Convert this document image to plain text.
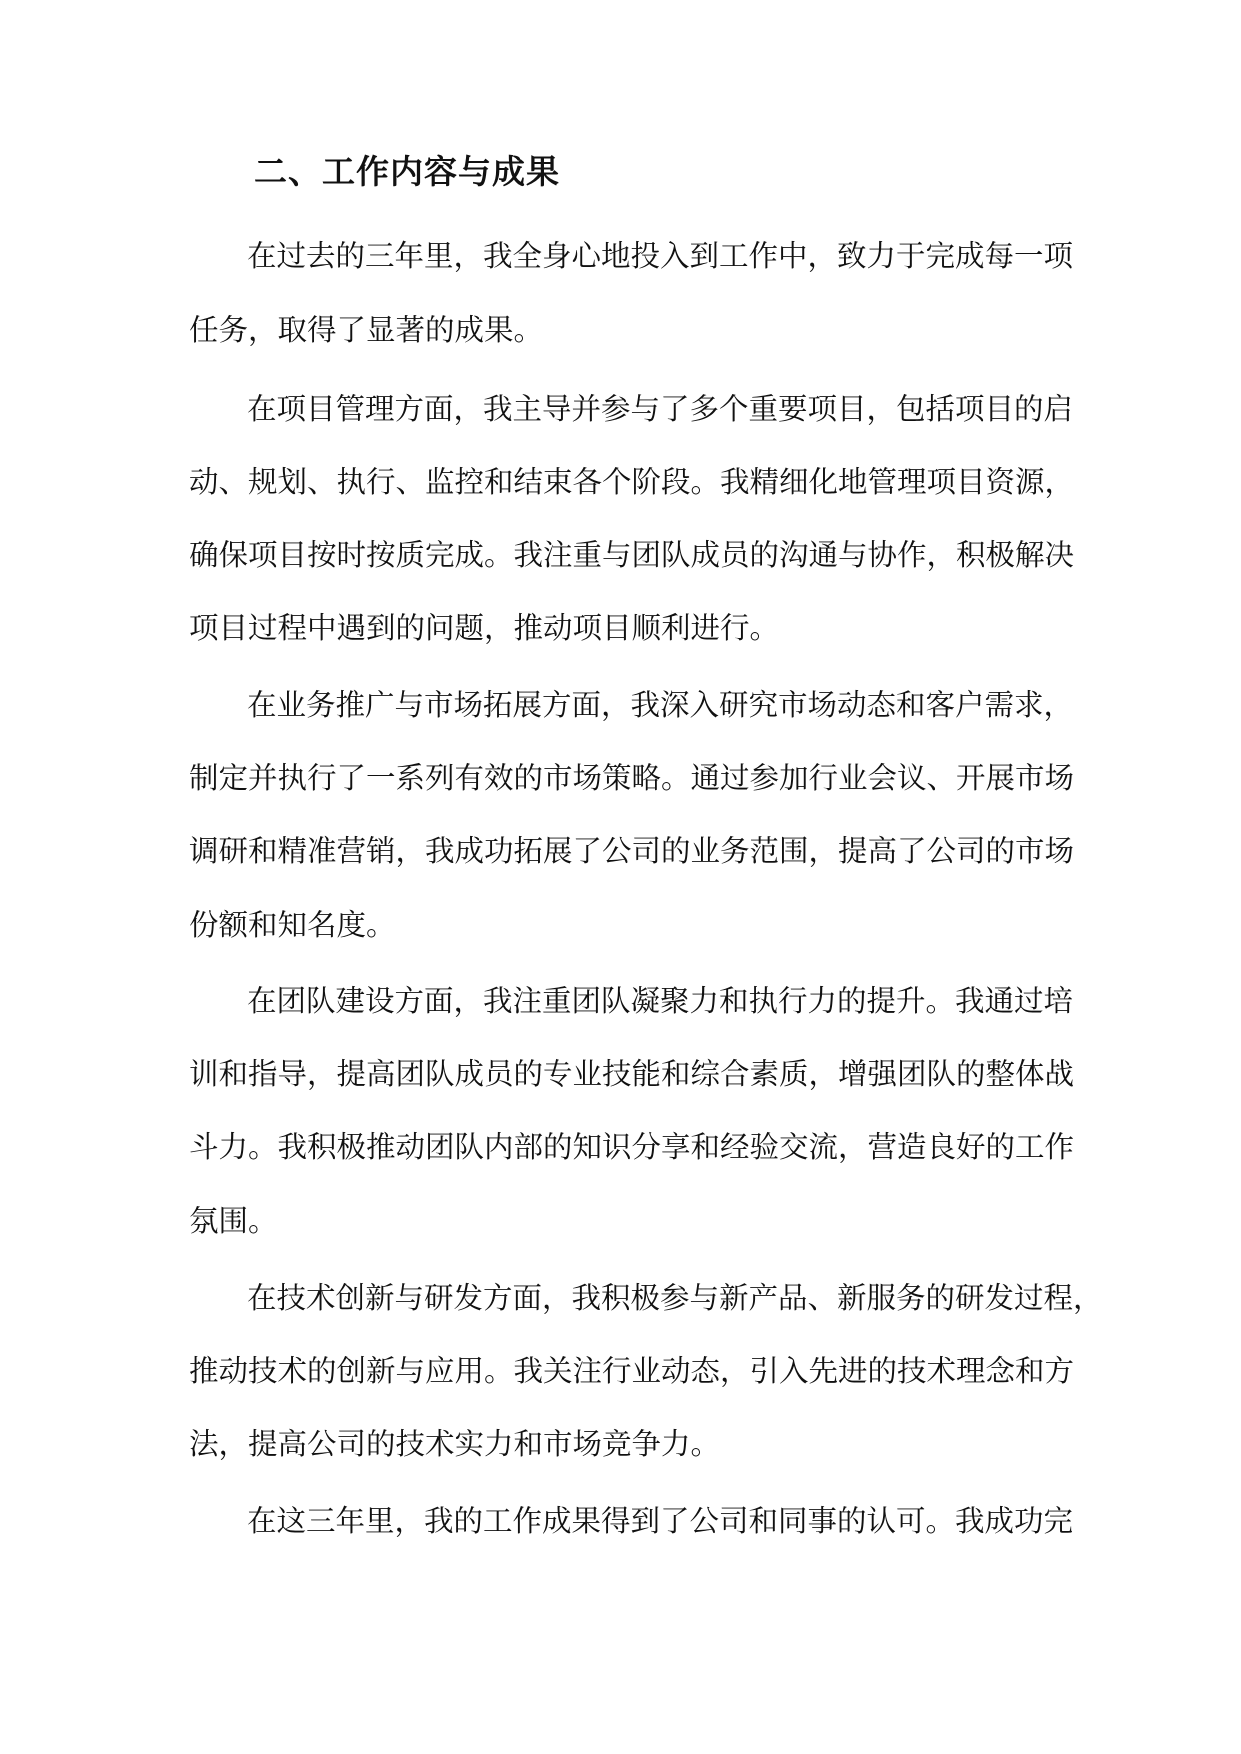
二、工作内容与成果
在过去的三年里，我全身心地投入到工作中，致力于完成每一项
任务，取得了显著的成果。
在项目管理方面，我主导并参与了多个重要项目，包括项目的启
动、规划、执行、监控和结束各个阶段。我精细化地管理项目资源，
确保项目按时按质完成。我注重与团队成员的沟通与协作，积极解决
项目过程中遇到的问题，推动项目顺利进行。
在业务推广与市场拓展方面，我深入研究市场动态和客户需求，
制定并执行了一系列有效的市场策略。通过参加行业会议、开展市场
调研和精准营销，我成功拓展了公司的业务范围，提高了公司的市场
份额和知名度。
在团队建设方面，我注重团队凝聚力和执行力的提升。我通过培
训和指导，提高团队成员的专业技能和综合素质，增强团队的整体战
斗力。我积极推动团队内部的知识分享和经验交流，营造良好的工作
氛围。
在技术创新与研发方面，我积极参与新产品、新服务的研发过程，
推动技术的创新与应用。我关注行业动态，引入先进的技术理念和方
法，提高公司的技术实力和市场竞争力。
在这三年里，我的工作成果得到了公司和同事的认可。我成功完
